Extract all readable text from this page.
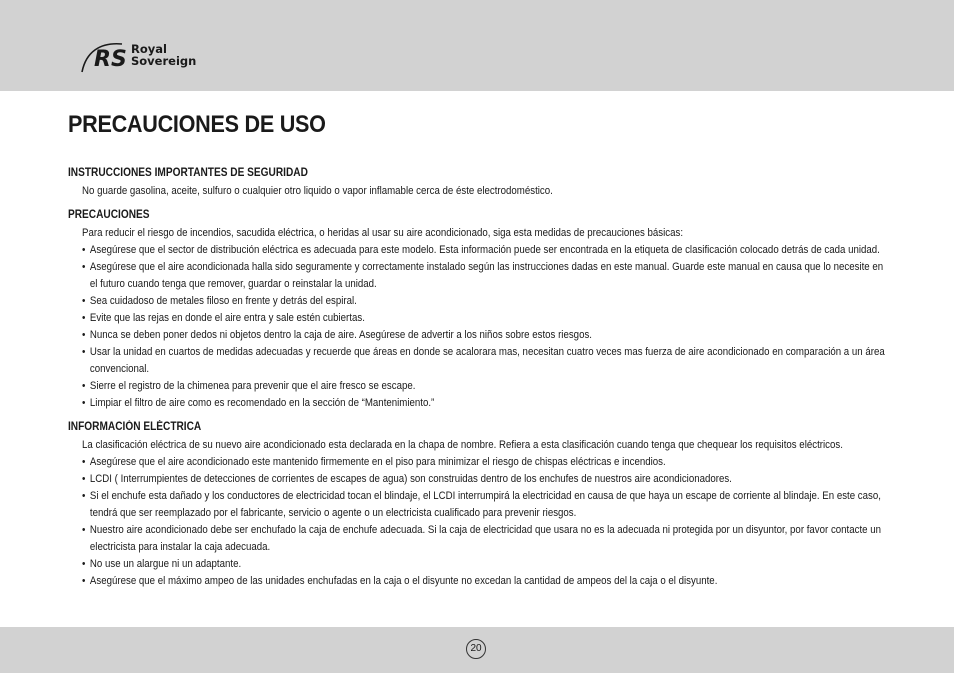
RS Royal
Sovereign
PRECAUCIONES DE USO
INSTRUCCIONES IMPORTANTES DE SEGURIDAD

No guarde gasolina, aceite, sulfuro o cualquier otro liquido o vapor inflamable cerca de éste electrodoméstico.

PRECAUCIONES

Para reducir el riesgo de incendios, sacudida eléctrica, o heridas al usar su aire acondicionado, siga esta medidas de precauciones básicas:

• Asegúrese que el sector de distribución eléctrica es adecuada para este modelo. Esta información puede ser encontrada en la etiqueta de clasificación colocado detrás de cada unidad.
• Asegúrese que el aire acondicionada halla sido seguramente y correctamente instalado según las instrucciones dadas en este manual. Guarde este manual en causa que lo necesite en el futuro cuando tenga que remover, guardar o reinstalar la unidad.
• Sea cuidadoso de metales filoso en frente y detrás del espiral.
• Evite que las rejas en donde el aire entra y sale estén cubiertas.
• Nunca se deben poner dedos ni objetos dentro la caja de aire. Asegúrese de advertir a los niños sobre estos riesgos.
• Usar la unidad en cuartos de medidas adecuadas y recuerde que áreas en donde se acalorara mas, necesitan cuatro veces mas fuerza de aire acondicionado en comparación a un área convencional.
• Sierre el registro de la chimenea para prevenir que el aire fresco se escape.
• Limpiar el filtro de aire como es recomendado en la sección de “Mantenimiento.”
INFORMACIÓN ELÉCTRICA

La clasificación eléctrica de su nuevo aire acondicionado esta declarada en la chapa de nombre. Refiera a esta clasificación cuando tenga que chequear los requisitos eléctricos.

• Asegúrese que el aire acondicionado este mantenido firmemente en el piso para minimizar el riesgo de chispas eléctricas e incendios.
• LCDI ( Interrumpientes de detecciones de corrientes de escapes de agua) son construidas dentro de los enchufes de nuestros aire acondicionadores.
• Si el enchufe esta dañado y los conductores de electricidad tocan el blindaje, el LCDI interrumpirá la electricidad en causa de que haya un escape de corriente al blindaje. En este caso, tendrá que ser reemplazado por el fabricante, servicio o agente o un electricista cualificado para prevenir riesgos.
• Nuestro aire acondicionado debe ser enchufado la caja de enchufe adecuada. Si la caja de electricidad que usara no es la adecuada ni protegida por un disyuntor, por favor contacte un electricista para instalar la caja adecuada.
• No use un alargue ni un adaptante.
• Asegúrese que el máximo ampeo de las unidades enchufadas en la caja o el disyunte no excedan la cantidad de ampeos del la caja o el disyunte.
20
